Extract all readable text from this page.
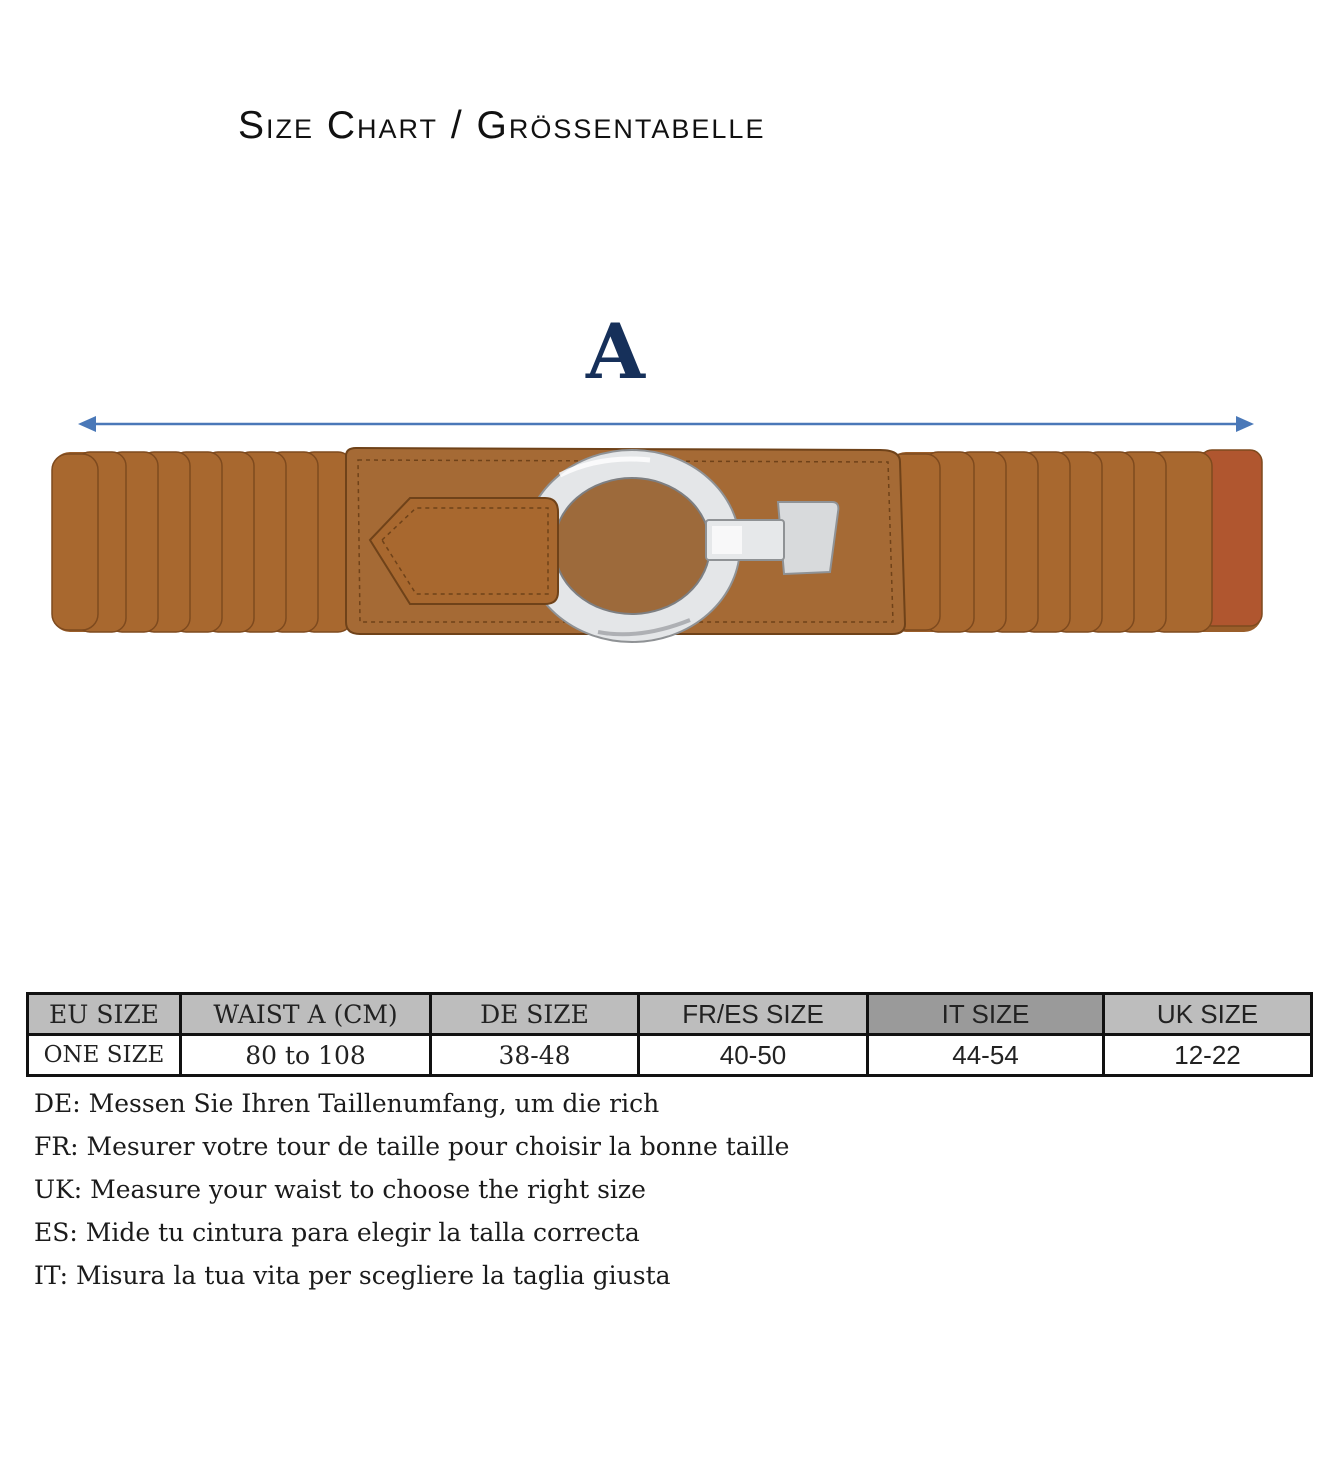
Size Chart / Grössentabelle
A
EU SIZE	WAIST A (CM)	DE SIZE	FR/ES SIZE	IT SIZE	UK SIZE
ONE SIZE	80 to 108	38-48	40-50	44-54	12-22
DE: Messen Sie Ihren Taillenumfang, um die rich
FR: Mesurer votre tour de taille pour choisir la bonne taille
UK: Measure your waist to choose the right size
ES: Mide tu cintura para elegir la talla correcta
IT: Misura la tua vita per scegliere la taglia giusta
